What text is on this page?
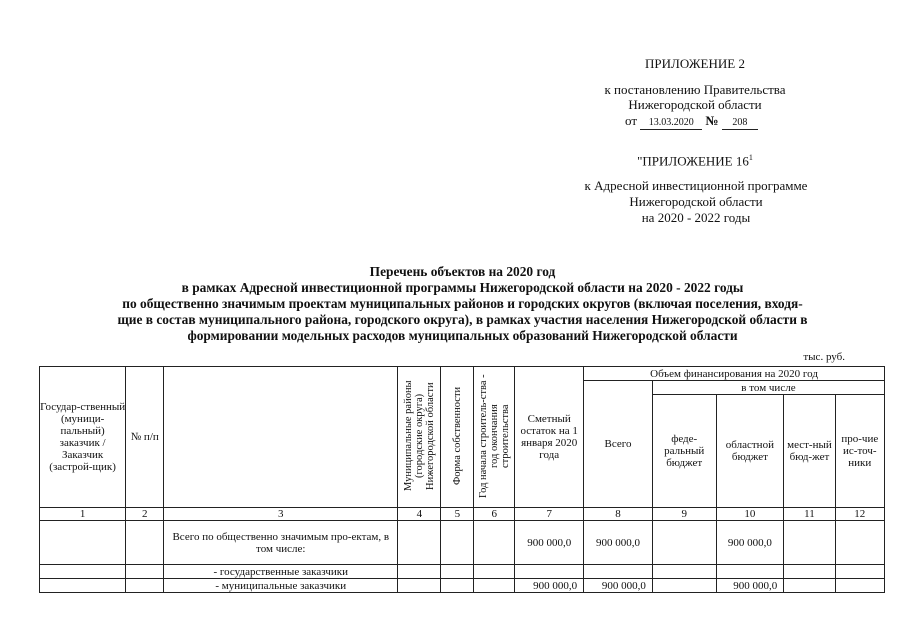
ПРИЛОЖЕНИЕ 2
к постановлению Правительства
Нижегородской области
от 13.03.2020 № 208
"ПРИЛОЖЕНИЕ $16^1$
к Адресной инвестиционной программе
Нижегородской области
на 2020 - 2022 годы
Перечень объектов на 2020 год
в рамках Адресной инвестиционной программы Нижегородской области на 2020 - 2022 годы
по общественно значимым проектам муниципальных районов и городских округов (включая поселения, входя-
щие в состав муниципального района, городского округа), в рамках участия населения Нижегородской области в
формировании модельных расходов муниципальных образований Нижегородской области
тыс. руб.
Государ-ственный (муници-пальный) заказчик /Заказчик (застрой-щик)	№ п/п		Муниципальные районы (городские округа) Нижегородской области	Форма собственности	Год начала строитель-ства - год окончания строительства	Сметный остаток на 1 января 2020 года	Объем финансирования на 2020 год				
							Всего	в том числе			
								феде-ральный бюджет	областной бюджет	мест-ный бюд-жет	про-чие ис-точ-ники
1	2	3	4	5	6	7	8	9	10	11	12
		Всего по общественно значимым про-ектам, в том числе:				900 000,0	900 000,0		900 000,0		
		- государственные заказчики									
		- муниципальные заказчики				900 000,0	900 000,0		900 000,0		
